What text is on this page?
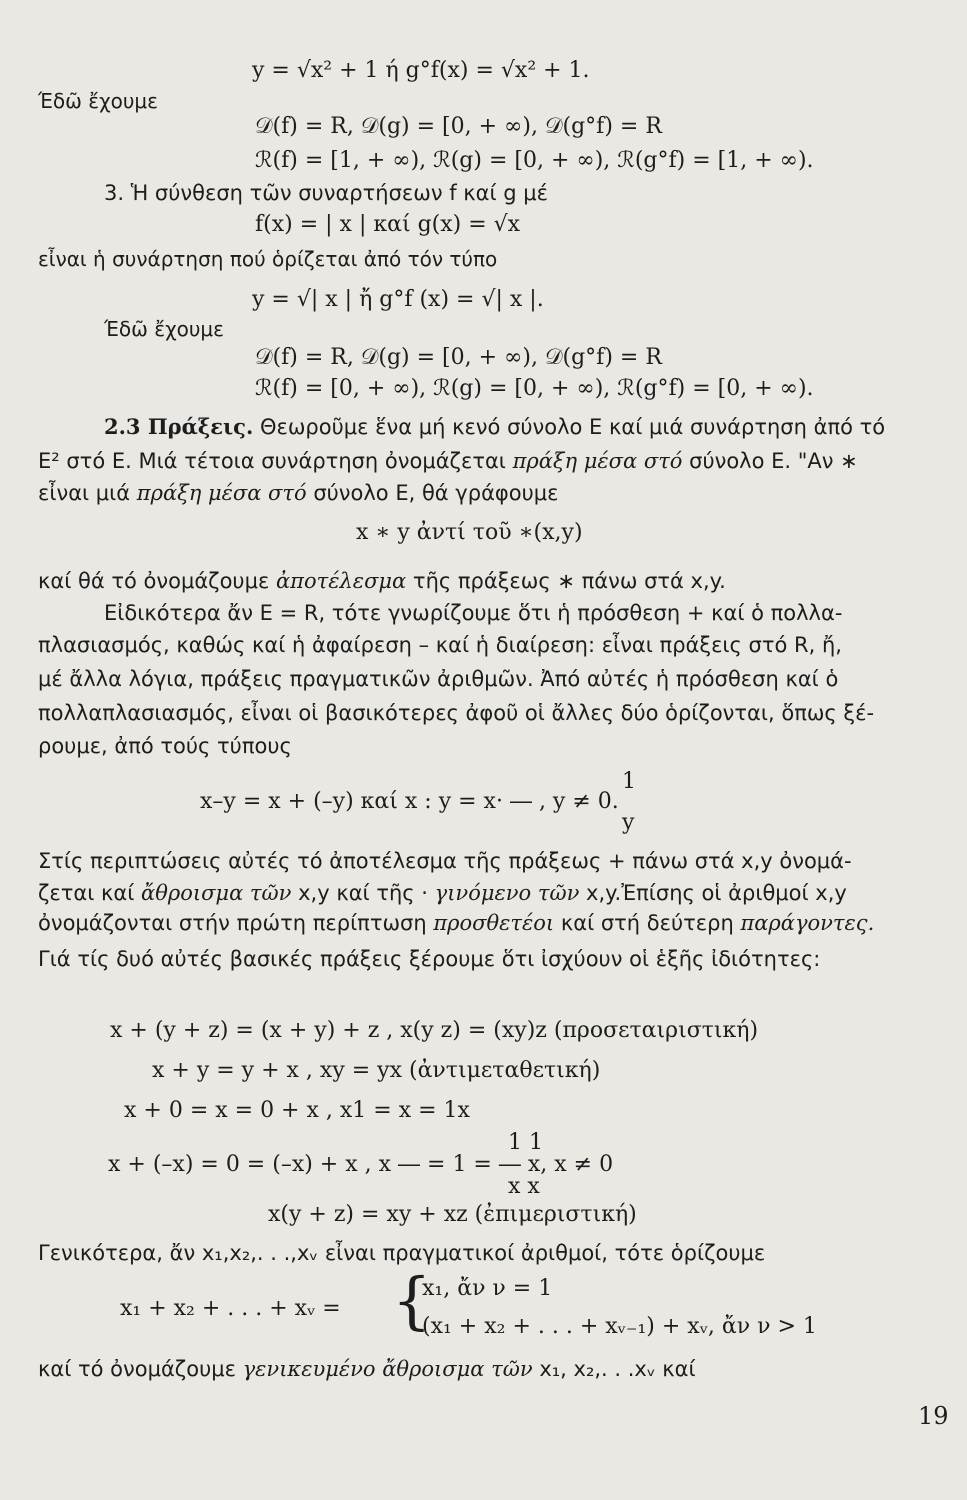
y = √x² + 1 ή g°f(x) = √x² + 1.
Έδῶ ἔχουμε
𝒟(f) = R, 𝒟(g) = [0, + ∞), 𝒟(g°f) = R
ℛ(f) = [1, + ∞), ℛ(g) = [0, + ∞), ℛ(g°f) = [1, + ∞).
3. Ἡ σύνθεση τῶν συναρτήσεων f καί g μέ
f(x) = | x | καί g(x) = √x
εἶναι ἡ συνάρτηση πού ὁρίζεται ἀπό τόν τύπο
y = √| x | ἤ g°f (x) = √| x |.
Έδῶ ἔχουμε
𝒟(f) = R, 𝒟(g) = [0, + ∞), 𝒟(g°f) = R
ℛ(f) = [0, + ∞), ℛ(g) = [0, + ∞), ℛ(g°f) = [0, + ∞).
2.3 Πράξεις. Θεωροῦμε ἕνα μή κενό σύνολο Ε καί μιά συνάρτηση ἀπό τό
Ε² στό Ε. Μιά τέτοια συνάρτηση ὀνομάζεται πράξη μέσα στό σύνολο Ε. "Αν ∗
εἶναι μιά πράξη μέσα στό σύνολο Ε, θά γράφουμε
x ∗ y ἀντί τοῦ ∗(x,y)
καί θά τό ὀνομάζουμε ἀποτέλεσμα τῆς πράξεως ∗ πάνω στά x,y.
Εἰδικότερα ἄν Ε = R, τότε γνωρίζουμε ὅτι ἡ πρόσθεση + καί ὁ πολλα-
πλασιασμός, καθώς καί ἡ ἀφαίρεση – καί ἡ διαίρεση: εἶναι πράξεις στό R, ἤ,
μέ ἄλλα λόγια, πράξεις πραγματικῶν ἀριθμῶν. Ἀπό αὐτές ἡ πρόσθεση καί ὁ
πολλαπλασιασμός, εἶναι οἱ βασικότερες ἀφοῦ οἱ ἄλλες δύο ὁρίζονται, ὅπως ξέ-
ρουμε, ἀπό τούς τύπους
1
x–y = x + (–y) καί x : y = x· ― , y ≠ 0.
y
Στίς περιπτώσεις αὐτές τό ἀποτέλεσμα τῆς πράξεως + πάνω στά x,y ὀνομά-
ζεται καί ἄθροισμα τῶν x,y καί τῆς · γινόμενο τῶν x,y.Ἐπίσης οἱ ἀριθμοί x,y
ὀνομάζονται στήν πρώτη περίπτωση προσθετέοι καί στή δεύτερη παράγοντες.
Γιά τίς δυό αὐτές βασικές πράξεις ξέρουμε ὅτι ἰσχύουν οἱ ἑξῆς ἰδιότητες:
x + (y + z) = (x + y) + z , x(y z) = (xy)z (προσεταιριστική)
x + y = y + x , xy = yx (ἀντιμεταθετική)
x + 0 = x = 0 + x , x1 = x = 1x
1 1
x + (–x) = 0 = (–x) + x , x ― = 1 = ― x, x ≠ 0
x x
x(y + z) = xy + xz (ἐπιμεριστική)
Γενικότερα, ἄν x₁,x₂,. . .,xᵥ εἶναι πραγματικοί ἀριθμοί, τότε ὁρίζουμε
x₁, ἄν ν = 1
x₁ + x₂ + . . . + xᵥ = {
(x₁ + x₂ + . . . + xᵥ₋₁) + xᵥ, ἄν ν > 1
καί τό ὀνομάζουμε γενικευμένο ἄθροισμα τῶν x₁, x₂,. . .xᵥ καί
19
